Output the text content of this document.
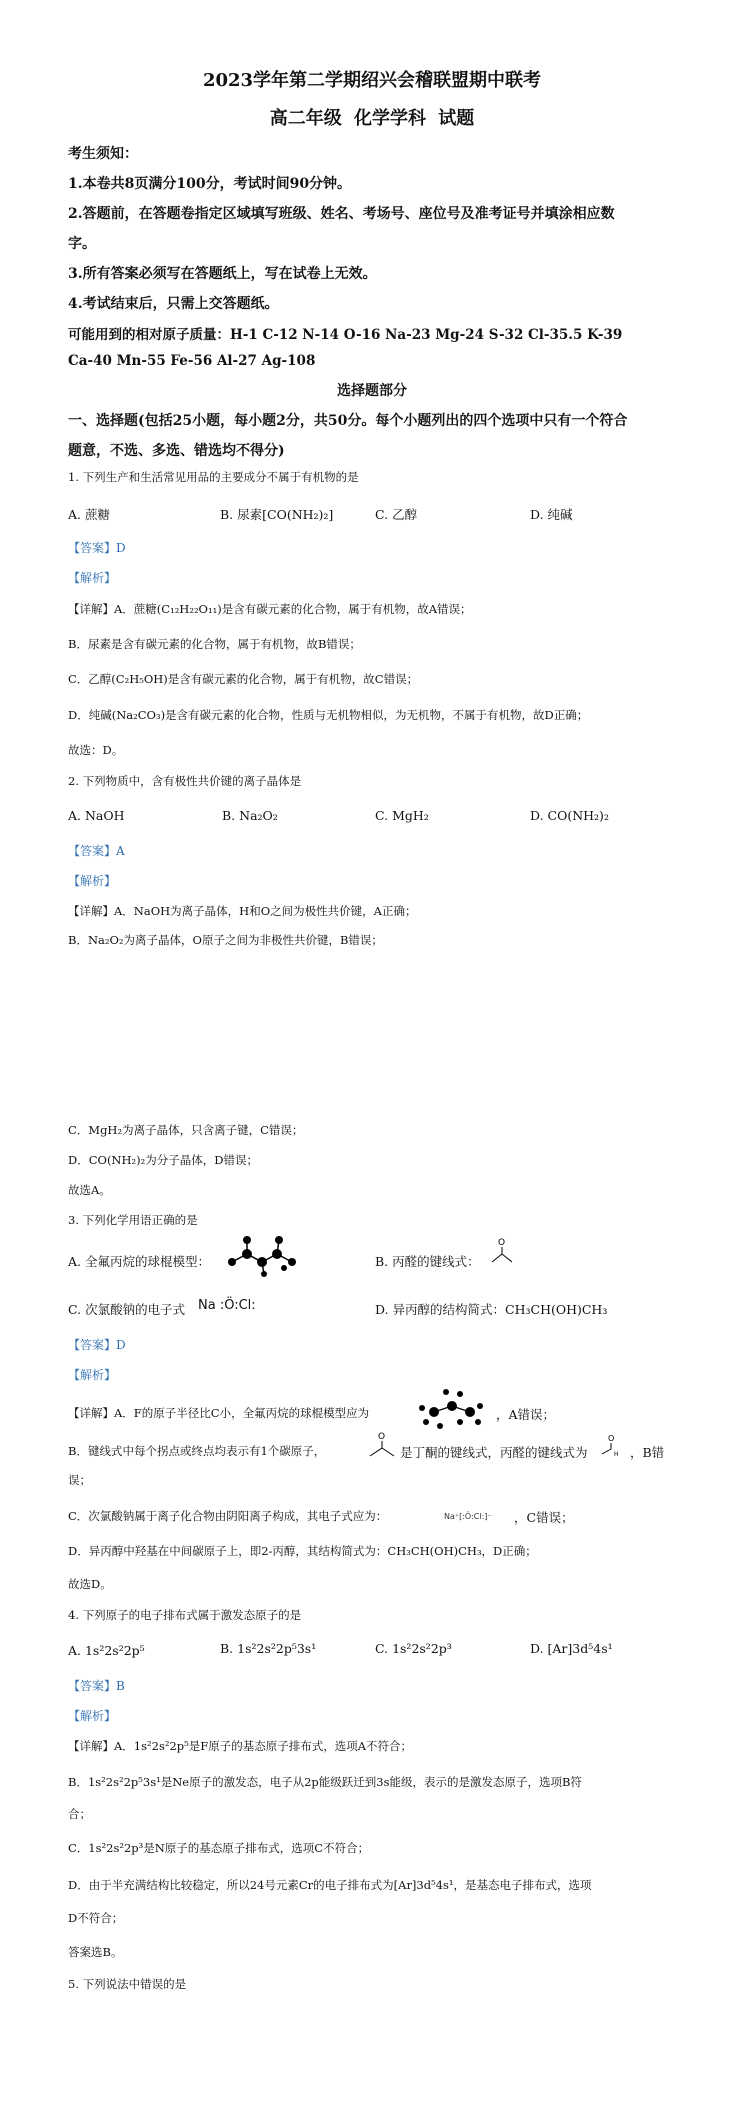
2023学年第二学期绍兴会稽联盟期中联考
高二年级 化学学科 试题
考生须知：
1.本卷共8页满分100分，考试时间90分钟。
2.答题前，在答题卷指定区域填写班级、姓名、考场号、座位号及准考证号并填涂相应数
字。
3.所有答案必须写在答题纸上，写在试卷上无效。
4.考试结束后，只需上交答题纸。
可能用到的相对原子质量：H-1 C-12 N-14 O-16 Na-23 Mg-24 S-32 Cl-35.5 K-39
Ca-40 Mn-55 Fe-56 Al-27 Ag-108
选择题部分
一、选择题(包括25小题，每小题2分，共50分。每个小题列出的四个选项中只有一个符合
题意，不选、多选、错选均不得分)
1. 下列生产和生活常见用品的主要成分不属于有机物的是
A. 蔗糖	B. 尿素[CO(NH₂)₂]	C. 乙醇	D. 纯碱
【答案】D
【解析】
【详解】A．蔗糖(C₁₂H₂₂O₁₁)是含有碳元素的化合物，属于有机物，故A错误；
B．尿素是含有碳元素的化合物，属于有机物，故B错误；
C．乙醇(C₂H₅OH)是含有碳元素的化合物，属于有机物，故C错误；
D．纯碱(Na₂CO₃)是含有碳元素的化合物，性质与无机物相似，为无机物，不属于有机物，故D正确；
故选：D。
2. 下列物质中，含有极性共价键的离子晶体是
A. NaOH	B. Na₂O₂	C. MgH₂	D. CO(NH₂)₂
【答案】A
【解析】
【详解】A．NaOH为离子晶体，H和O之间为极性共价键，A正确；
B．Na₂O₂为离子晶体，O原子之间为非极性共价键，B错误；
C．MgH₂为离子晶体，只含离子键，C错误；
D．CO(NH₂)₂为分子晶体，D错误；
故选A。
3. 下列化学用语正确的是
A. 全氟丙烷的球棍模型：	B. 丙醛的键线式：
O
C. 次氯酸钠的电子式 Na :Ö:Cl:	D. 异丙醇的结构简式：CH₃CH(OH)CH₃
【答案】D
【解析】
【详解】A．F的原子半径比C小，全氟丙烷的球棍模型应为	，A错误；
B．键线式中每个拐点或终点均表示有1个碳原子，
O
是丁酮的键线式，丙醛的键线式为
O
H ，B错
误；
C．次氯酸钠属于离子化合物由阴阳离子构成，其电子式应为：	Na⁺[:Ö:Cl:]⁻ ，C错误；
D．异丙醇中羟基在中间碳原子上，即2-丙醇，其结构简式为：CH₃CH(OH)CH₃，D正确；
故选D。
4. 下列原子的电子排布式属于激发态原子的是
A. 1s²2s²2p⁵	B. 1s²2s²2p⁵3s¹	C. 1s²2s²2p³	D. [Ar]3d⁵4s¹
【答案】B
【解析】
【详解】A．1s²2s²2p⁵是F原子的基态原子排布式，选项A不符合；
B．1s²2s²2p⁵3s¹是Ne原子的激发态，电子从2p能级跃迁到3s能级，表示的是激发态原子，选项B符
合；
C．1s²2s²2p³是N原子的基态原子排布式，选项C不符合；
D．由于半充满结构比较稳定，所以24号元素Cr的电子排布式为[Ar]3d⁵4s¹，是基态电子排布式，选项
D不符合；
答案选B。
5. 下列说法中错误的是
